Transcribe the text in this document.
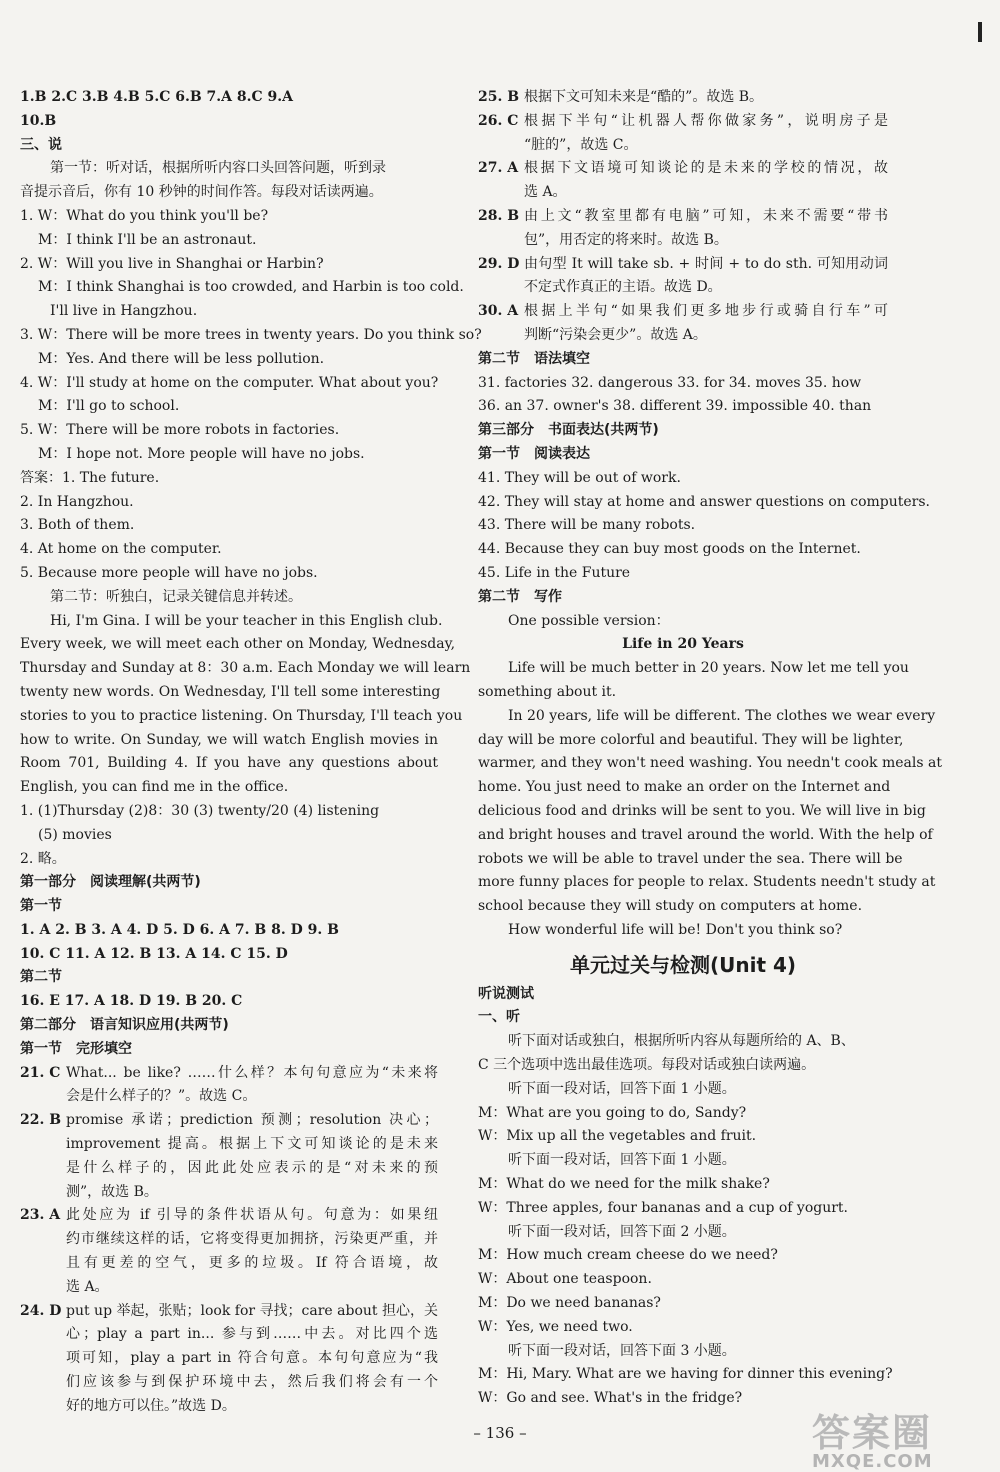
1.B 2.C 3.B 4.B 5.C 6.B 7.A 8.C 9.A
10.B
三、说
第一节：听对话，根据所听内容口头回答问题，听到录
音提示音后，你有 10 秒钟的时间作答。每段对话读两遍。
1. W：What do you think you'll be?
M：I think I'll be an astronaut.
2. W：Will you live in Shanghai or Harbin?
M：I think Shanghai is too crowded, and Harbin is too cold.
I'll live in Hangzhou.
3. W：There will be more trees in twenty years. Do you think so?
M：Yes. And there will be less pollution.
4. W：I'll study at home on the computer. What about you?
M：I'll go to school.
5. W：There will be more robots in factories.
M：I hope not. More people will have no jobs.
答案：1. The future.
2. In Hangzhou.
3. Both of them.
4. At home on the computer.
5. Because more people will have no jobs.
第二节：听独白，记录关键信息并转述。
Hi, I'm Gina. I will be your teacher in this English club.
Every week, we will meet each other on Monday, Wednesday,
Thursday and Sunday at 8：30 a.m. Each Monday we will learn
twenty new words. On Wednesday, I'll tell some interesting
stories to you to practice listening. On Thursday, I'll teach you
how to write. On Sunday, we will watch English movies in
Room 701, Building 4. If you have any questions about
English, you can find me in the office.
1. (1)Thursday (2)8：30 (3) twenty/20 (4) listening
(5) movies
2. 略。
第一部分　阅读理解(共两节)
第一节
1. A 2. B 3. A 4. D 5. D 6. A 7. B 8. D 9. B
10. C 11. A 12. B 13. A 14. C 15. D
第二节
16. E 17. A 18. D 19. B 20. C
第二部分　语言知识应用(共两节)
第一节　完形填空
21. C What... be like? ……什么样？本句句意应为“未来将
会是什么样子的？”。故选 C。
22. B promise 承诺；prediction 预测；resolution 决心；
improvement 提高。根据上下文可知谈论的是未来
是什么样子的，因此此处应表示的是“对未来的预
测”，故选 B。
23. A 此处应为 if 引导的条件状语从句。句意为：如果纽
约市继续这样的话，它将变得更加拥挤，污染更严重，并
且有更差的空气，更多的垃圾。If 符合语境，故
选 A。
24. D put up 举起，张贴；look for 寻找；care about 担心，关
心；play a part in... 参与到……中去。对比四个选
项可知，play a part in 符合句意。本句句意应为“我
们应该参与到保护环境中去，然后我们将会有一个
好的地方可以住。”故选 D。
25. B 根据下文可知未来是“酷的”。故选 B。
26. C 根据下半句“让机器人帮你做家务”，说明房子是
“脏的”，故选 C。
27. A 根据下文语境可知谈论的是未来的学校的情况，故
选 A。
28. B 由上文“教室里都有电脑”可知，未来不需要“带书
包”，用否定的将来时。故选 B。
29. D 由句型 It will take sb. + 时间 + to do sth. 可知用动词
不定式作真正的主语。故选 D。
30. A 根据上半句“如果我们更多地步行或骑自行车”可
判断“污染会更少”。故选 A。
第二节　语法填空
31. factories 32. dangerous 33. for 34. moves 35. how
36. an 37. owner's 38. different 39. impossible 40. than
第三部分　书面表达(共两节)
第一节　阅读表达
41. They will be out of work.
42. They will stay at home and answer questions on computers.
43. There will be many robots.
44. Because they can buy most goods on the Internet.
45. Life in the Future
第二节　写作
One possible version：
Life in 20 Years
Life will be much better in 20 years. Now let me tell you
something about it.
In 20 years, life will be different. The clothes we wear every
day will be more colorful and beautiful. They will be lighter,
warmer, and they won't need washing. You needn't cook meals at
home. You just need to make an order on the Internet and
delicious food and drinks will be sent to you. We will live in big
and bright houses and travel around the world. With the help of
robots we will be able to travel under the sea. There will be
more funny places for people to relax. Students needn't study at
school because they will study on computers at home.
How wonderful life will be! Don't you think so?
单元过关与检测(Unit 4)
听说测试
一、听
听下面对话或独白，根据所听内容从每题所给的 A、B、
C 三个选项中选出最佳选项。每段对话或独白读两遍。
听下面一段对话，回答下面 1 小题。
M：What are you going to do, Sandy?
W：Mix up all the vegetables and fruit.
听下面一段对话，回答下面 1 小题。
M：What do we need for the milk shake?
W：Three apples, four bananas and a cup of yogurt.
听下面一段对话，回答下面 2 小题。
M：How much cream cheese do we need?
W：About one teaspoon.
M：Do we need bananas?
W：Yes, we need two.
听下面一段对话，回答下面 3 小题。
M：Hi, Mary. What are we having for dinner this evening?
W：Go and see. What's in the fridge?
– 136 –	答案圈
MXQE.COM
